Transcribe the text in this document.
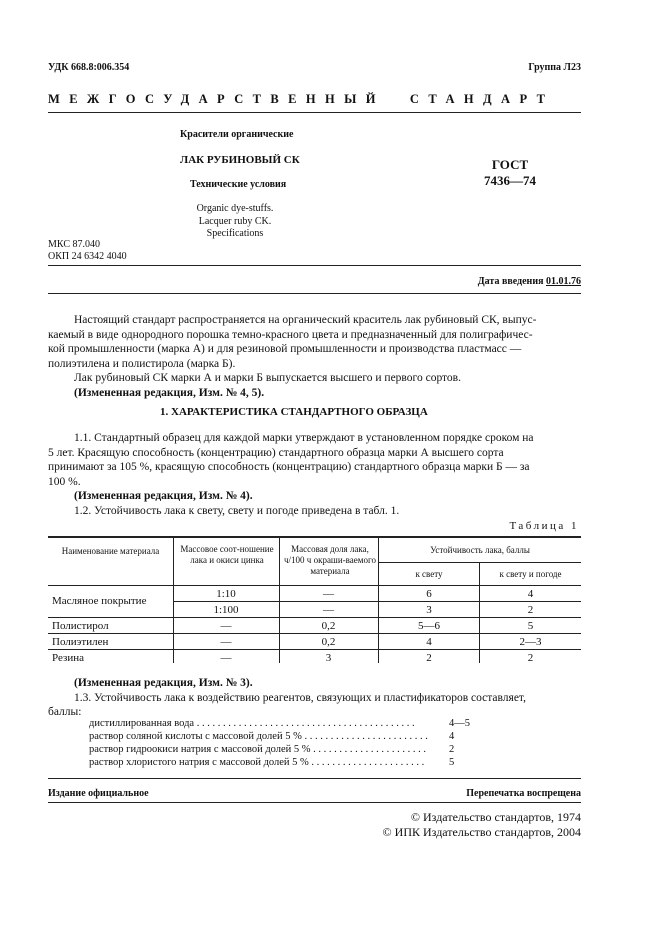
УДК 668.8:006.354	Группа Л23
МЕЖГОСУДАРСТВЕННЫЙ  СТАНДАРТ
Красители органические
ЛАК РУБИНОВЫЙ СК
Технические условия
Organic dye-stuffs.
Lacquer ruby CK.
Specifications
ГОСТ
7436—74
МКС 87.040
ОКП 24 6342 4040
Дата введения 01.01.76
Настоящий стандарт распространяется на органический краситель лак рубиновый СК, выпус-
каемый в виде однородного порошка темно-красного цвета и предназначенный для полиграфичес-
кой промышленности (марка А) и для резиновой промышленности и производства пластмасс —
полиэтилена и полистирола (марка Б).
Лак рубиновый СК марки А и марки Б выпускается высшего и первого сортов.
(Измененная редакция, Изм. № 4, 5).
1. ХАРАКТЕРИСТИКА СТАНДАРТНОГО ОБРАЗЦА
1.1. Стандартный образец для каждой марки утверждают в установленном порядке сроком на
5 лет. Красящую способность (концентрацию) стандартного образца марки А высшего сорта
принимают за 105 %, красящую способность (концентрацию) стандартного образца марки Б — за
100 %.
(Измененная редакция, Изм. № 4).
1.2. Устойчивость лака к свету, свету и погоде приведена в табл. 1.
Таблица 1
Наименование материала	Массовое соот-ношение лака и окиси цинка
Массовая доля лака, ч/100 ч окраши-ваемого материала
Устойчивость лака, баллы
к свету	к свету и погоде
Масляное покрытие
1:10	—	6	4
1:100	—	3	2
Полистирол	—	0,2	5—6	5
Полиэтилен	—	0,2	4	2—3
Резина	—	3	2	2
(Измененная редакция, Изм. № 3).
1.3. Устойчивость лака к воздействию реагентов, связующих и пластификаторов составляет,
баллы:
дистиллированная вода . . . . . . . . . . . . . . . . . . . . . . . . . . . . . . . . . . . . . . . . . .	4—5
раствор соляной кислоты с массовой долей 5 % . . . . . . . . . . . . . . . . . . . . . . . . 4
раствор гидроокиси натрия с массовой долей 5 % . . . . . . . . . . . . . . . . . . . . . . 2
раствор хлористого натрия с массовой долей 5 % . . . . . . . . . . . . . . . . . . . . . . 5
Издание официальное	Перепечатка воспрещена
© Издательство стандартов, 1974
© ИПК Издательство стандартов, 2004
